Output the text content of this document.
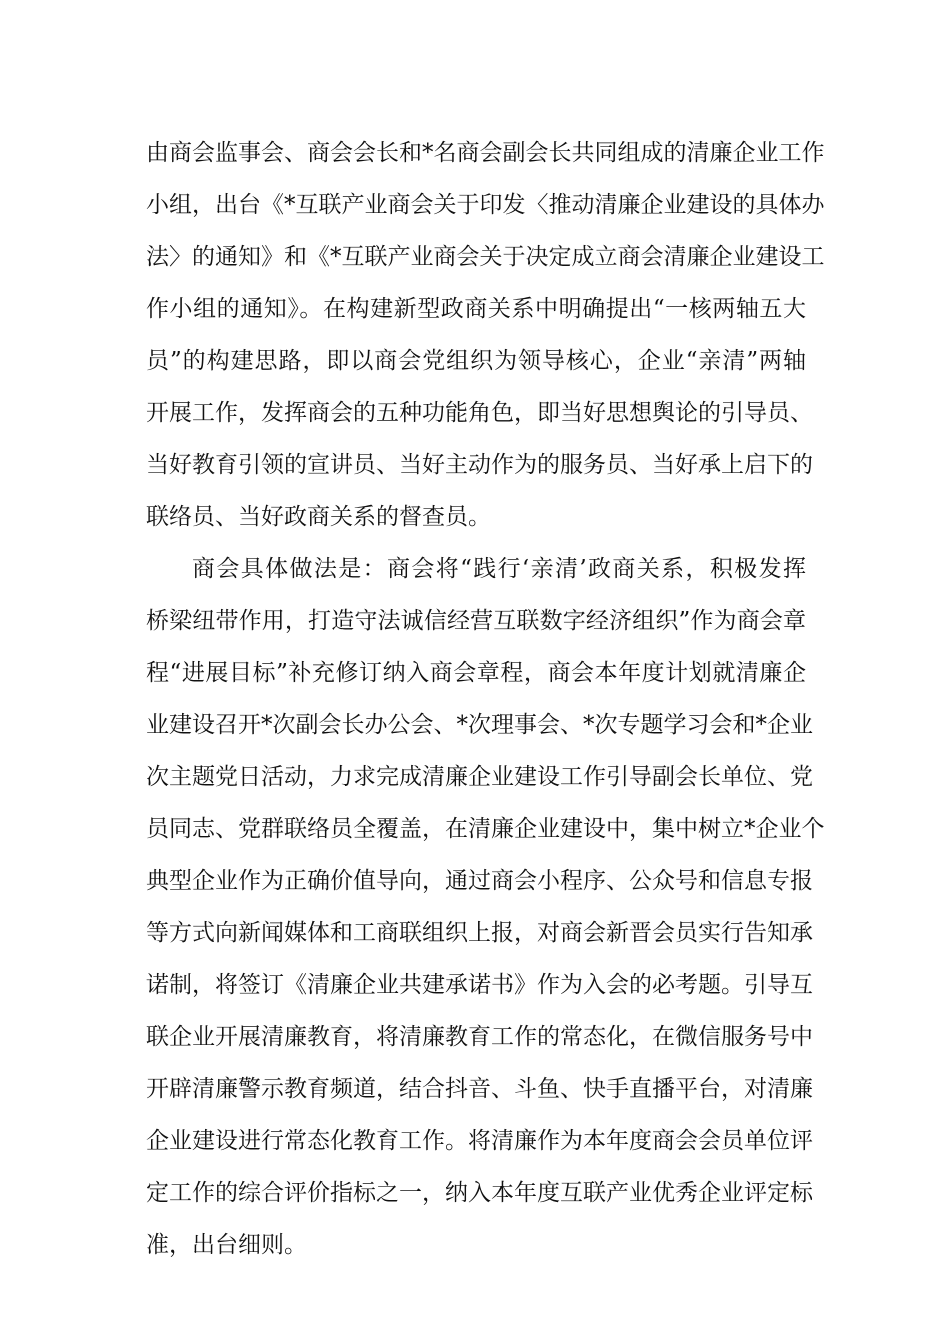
由商会监事会、商会会长和*名商会副会长共同组成的清廉企业工作
小组，出台《*互联产业商会关于印发〈推动清廉企业建设的具体办
法〉的通知》和《*互联产业商会关于决定成立商会清廉企业建设工
作小组的通知》。在构建新型政商关系中明确提出“一核两轴五大
员”的构建思路，即以商会党组织为领导核心，企业“亲清”两轴
开展工作，发挥商会的五种功能角色，即当好思想舆论的引导员、
当好教育引领的宣讲员、当好主动作为的服务员、当好承上启下的
联络员、当好政商关系的督查员。
商会具体做法是：商会将“践行‘亲清’政商关系，积极发挥
桥梁纽带作用，打造守法诚信经营互联数字经济组织”作为商会章
程“进展目标”补充修订纳入商会章程，商会本年度计划就清廉企
业建设召开*次副会长办公会、*次理事会、*次专题学习会和*企业
次主题党日活动，力求完成清廉企业建设工作引导副会长单位、党
员同志、党群联络员全覆盖，在清廉企业建设中，集中树立*企业个
典型企业作为正确价值导向，通过商会小程序、公众号和信息专报
等方式向新闻媒体和工商联组织上报，对商会新晋会员实行告知承
诺制，将签订《清廉企业共建承诺书》作为入会的必考题。引导互
联企业开展清廉教育，将清廉教育工作的常态化，在微信服务号中
开辟清廉警示教育频道，结合抖音、斗鱼、快手直播平台，对清廉
企业建设进行常态化教育工作。将清廉作为本年度商会会员单位评
定工作的综合评价指标之一，纳入本年度互联产业优秀企业评定标
准，出台细则。
